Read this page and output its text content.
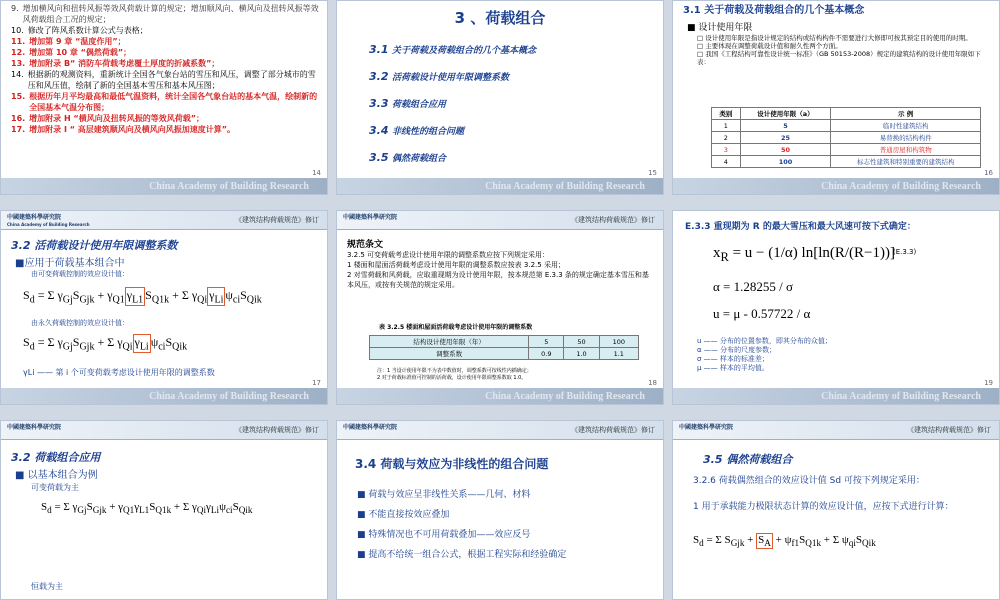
9. 增加横风向和扭转风振等效风荷载计算的规定；增加顺风向、横风向及扭转风振等效风荷载组合工况的规定；
10. 修改了阵风系数计算公式与表格；
11. 增加第 9 章 “温度作用”；
12. 增加第 10 章 “偶然荷载”；
13. 增加附录 B“ 消防车荷载考虑覆土厚度的折减系数”；
14. 根据新的观测资料，重新统计全国各气象台站的雪压和风压，调整了部分城市的雪压和风压值，绘制了新的全国基本雪压和基本风压图；
15. 根据历年月平均最高和最低气温资料，统计全国各气象台站的基本气温，绘制新的全国基本气温分布图；
16. 增加附录 H “横风向及扭转风振的等效风荷载”；
17. 增加附录 I “ 高层建筑顺风向及横风向风振加速度计算”。
14
China Academy of Building Research
3 、荷载组合
3.1 关于荷载及荷载组合的几个基本概念
3.2 活荷载设计使用年限调整系数
3.3 荷载组合应用
3.4 非线性的组合问题
3.5 偶然荷载组合
15
China Academy of Building Research
3.1 关于荷载及荷载组合的几个基本概念
■ 设计使用年限
□ 设计使用年限是指设计规定的结构或结构构件不需要进行大修即可按其预定目的使用的时期。
□ 主要体现在调整荷载设计值和耐久性两个方面。
□ 我国《工程结构可靠性设计统一标准》（GB 50153-2008）规定的建筑结构的设计使用年限如下表：
类别	设计使用年限（a）	示 例
1	5	临时性建筑结构
2	25	易替换的结构构件
3	50	普通房屋和构筑物
4	100	标志性建筑和特别重要的建筑结构
16
China Academy of Building Research
中國建築科學研究院
China Academy of Building Research
《建筑结构荷载规范》修订
3.2 活荷载设计使用年限调整系数
■应用于荷载基本组合中
由可变荷载控制的效应设计值：
$S_d = \Sigma$ $\gamma_{Gj}S_{Gjk} + \gamma_{Q1}$ $\gamma_{L1}$ $S_{Q1k} + \Sigma$ $\gamma_{Qi}$ $\gamma_{Li}$ $\psi_{ci}S_{Qik}$
由永久荷载控制的效应设计值：
$S_d = \Sigma$ $\gamma_{Gj}S_{Gjk} + \Sigma$ $\gamma_{Qi}$ $\gamma_{Li}$ $\psi_{ci}S_{Qik}$
γLi —— 第 i 个可变荷载考虑设计使用年限的调整系数
17
China Academy of Building Research
中國建築科學研究院	《建筑结构荷载规范》修订
规范条文
3.2.5 可变荷载考虑设计使用年限的调整系数应按下列规定采用：
1 楼面和屋面活荷载考虑设计使用年限的调整系数应按表 3.2.5 采用；
2 对雪荷载和风荷载，应取重现期为设计使用年限，按本规范第 E.3.3 条的规定确定基本雪压和基本风压，或按有关规范的规定采用。
表 3.2.5 楼面和屋面活荷载考虑设计使用年限的调整系数
结构设计使用年限（年）	5	50	100
调整系数	0.9	1.0	1.1
注：1 当设计使用年限不为表中数值时，调整系数可按线性内插确定；
2 对于荷载标准值可控制的活荷载，设计使用年限调整系数取 1.0。
18
China Academy of Building Research
E.3.3 重现期为 R 的最大雪压和最大风速可按下式确定：
$x_R = u - (1/\alpha)$ ln[ln(R/(R−1))]
(E.3.3)
α = 1.28255 / σ
u = μ - 0.57722 / α
u —— 分布的位置参数，即其分布的众值；
α —— 分布的尺度参数；
σ —— 样本的标准差；
μ —— 样本的平均值。
19
China Academy of Building Research
中國建築科學研究院	《建筑结构荷载规范》修订
3.2 荷载组合应用
■ 以基本组合为例
可变荷载为主
$S_d = \Sigma$ $\gamma_{Gj}S_{Gjk} + \gamma_{Q1}\gamma_{L1}S_{Q1k} + \Sigma$ $\gamma_{Qi}\gamma_{Li}\psi_{ci}S_{Qik}$
恒载为主
中國建築科學研究院	《建筑结构荷载规范》修订
3.4 荷载与效应为非线性的组合问题
■ 荷载与效应呈非线性关系——几何、材料
■ 不能直接按效应叠加
■ 特殊情况也不可用荷载叠加——效应反号
■ 提高不给统一组合公式，根据工程实际和经验确定
中國建築科學研究院	《建筑结构荷载规范》修订
3.5 偶然荷载组合
3.2.6 荷载偶然组合的效应设计值 Sd 可按下列规定采用：
1 用于承载能力极限状态计算的效应设计值，应按下式进行计算：
$S_d = \Sigma$ $S_{Gjk} + S_A + \psi_{f1}S_{Q1k} + \Sigma$ $\psi_{qi}S_{Qik}$
